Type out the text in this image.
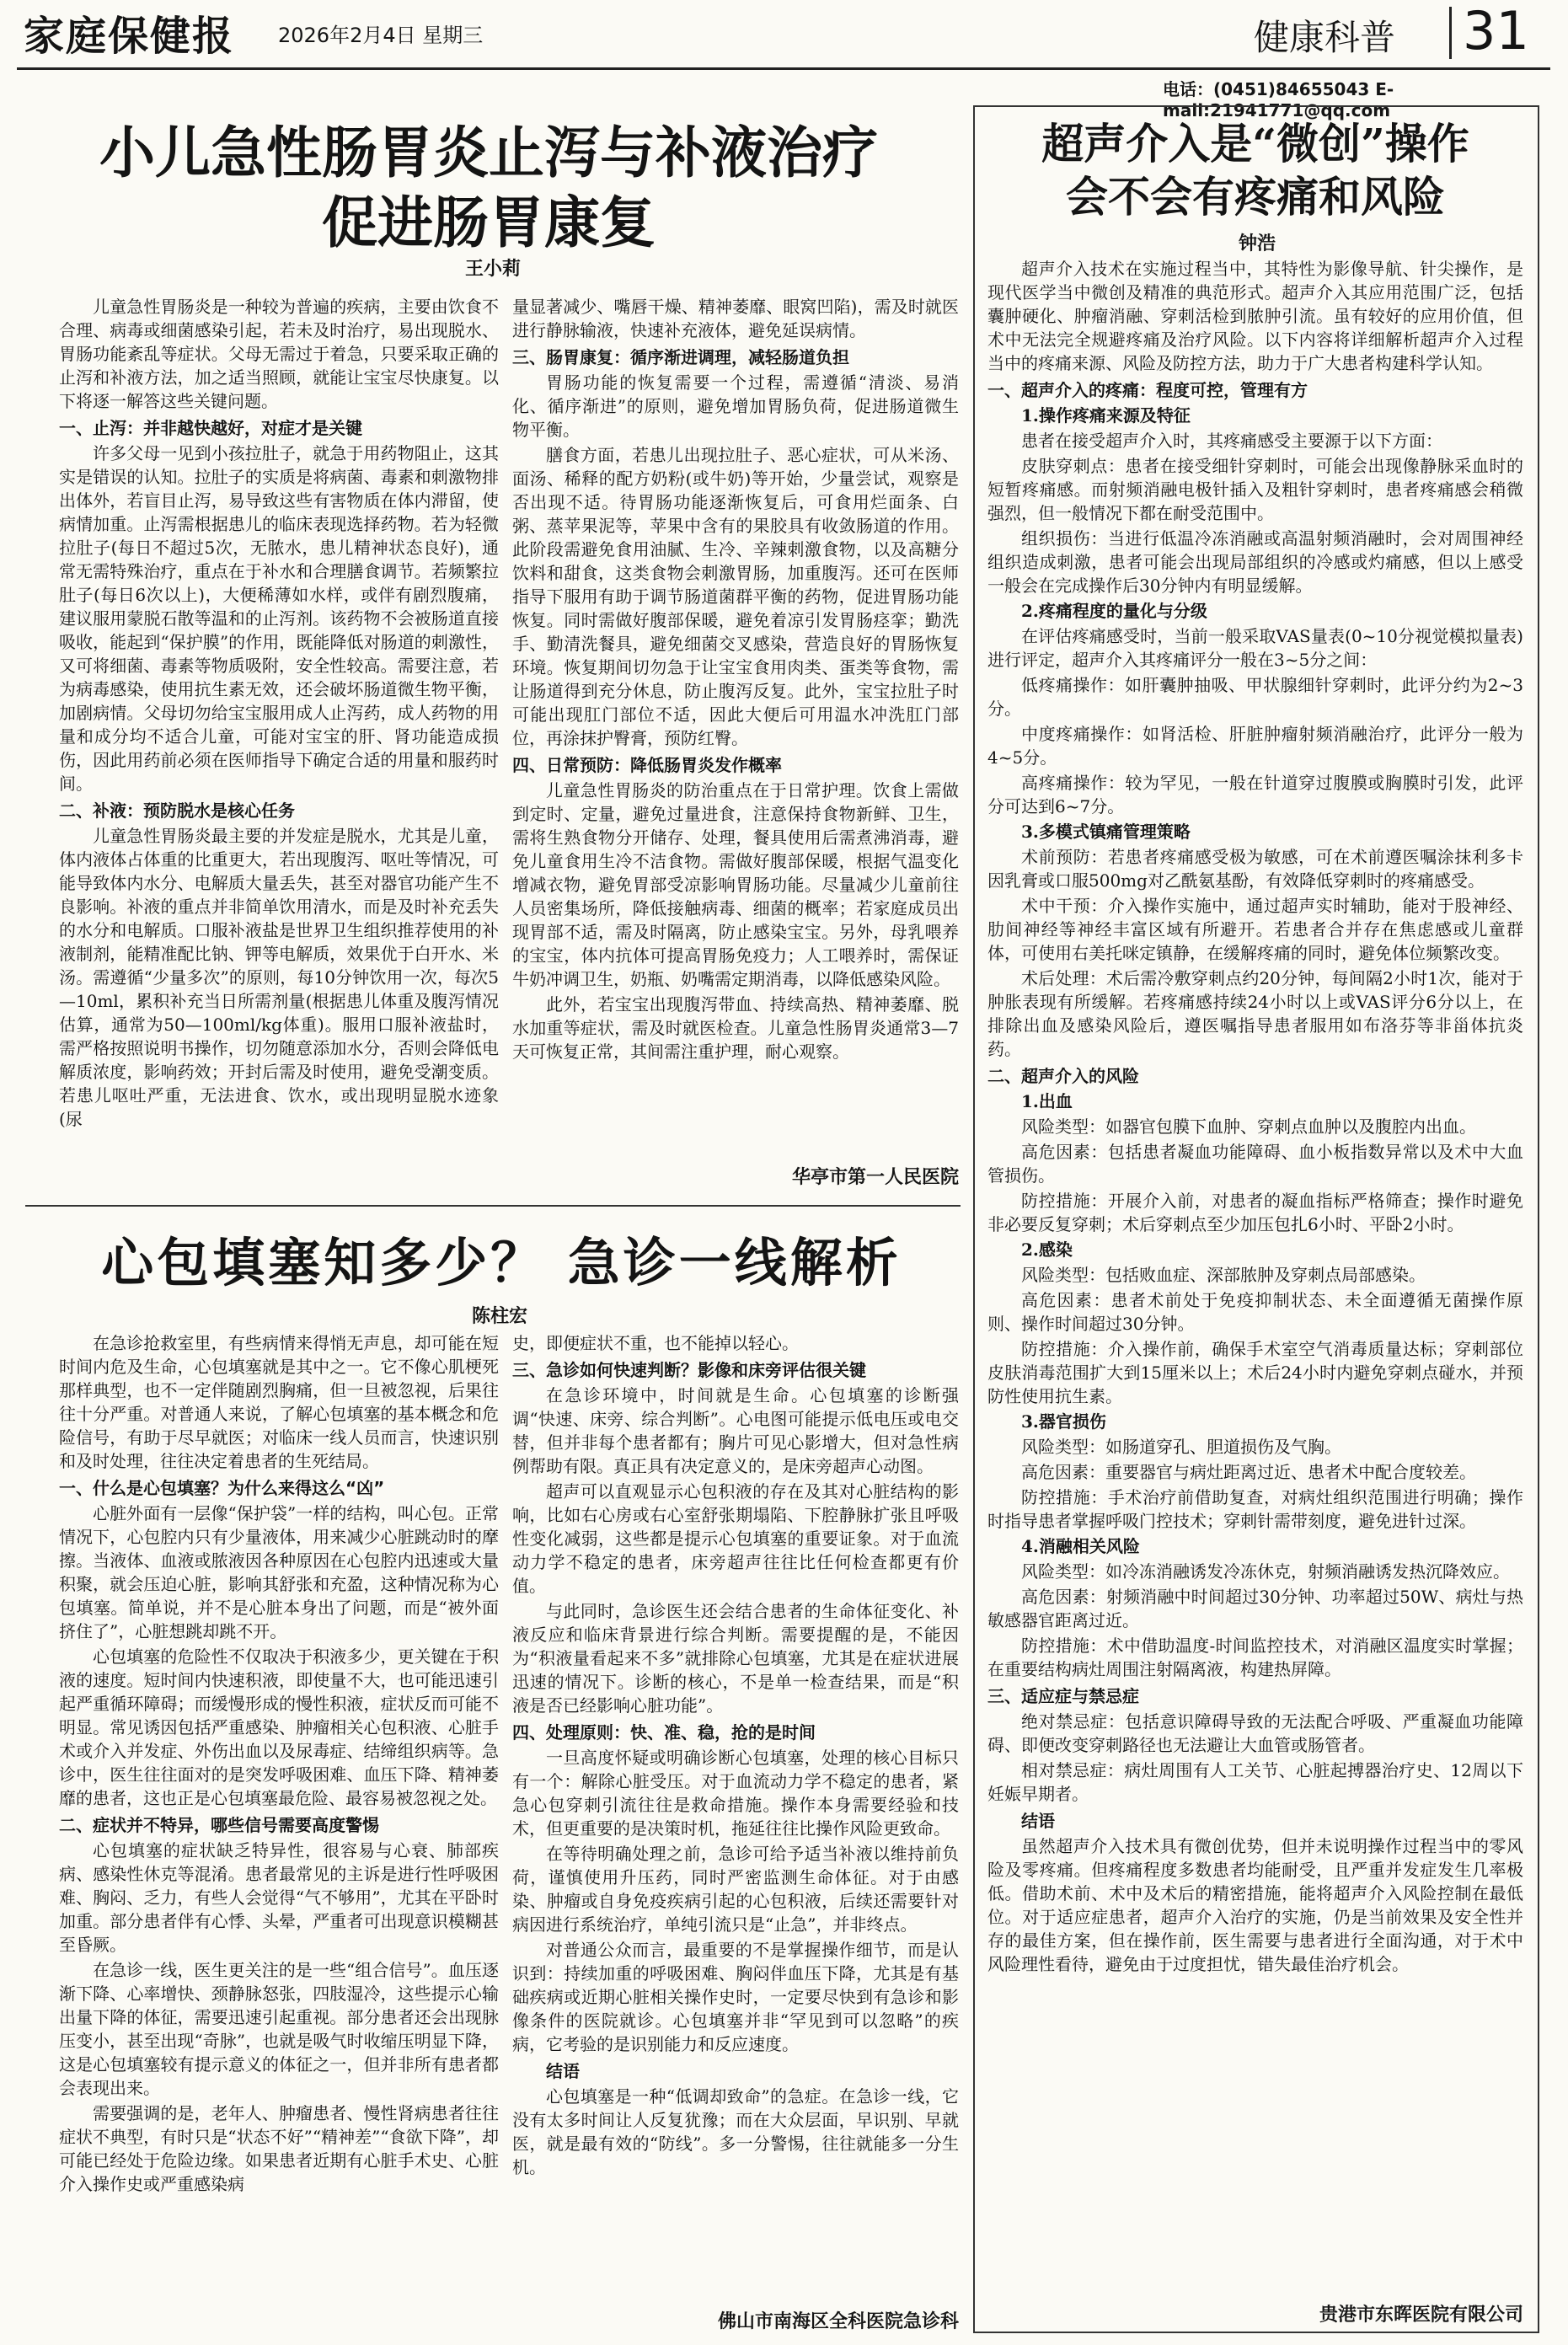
家庭保健报 2026年2月4日 星期三	健康科普 31
电话：(0451)84655043 E-mail:21941771@qq.com
小儿急性肠胃炎止泻与补液治疗
促进肠胃康复
王小莉

儿童急性胃肠炎是一种较为普遍的疾病，主要由饮食不合理、病毒或细菌感染引起，若未及时治疗，易出现脱水、胃肠功能紊乱等症状。父母无需过于着急，只要采取正确的止泻和补液方法，加之适当照顾，就能让宝宝尽快康复。以下将逐一解答这些关键问题。

一、止泻：并非越快越好，对症才是关键

许多父母一见到小孩拉肚子，就急于用药物阻止，这其实是错误的认知。拉肚子的实质是将病菌、毒素和刺激物排出体外，若盲目止泻，易导致这些有害物质在体内滞留，使病情加重。止泻需根据患儿的临床表现选择药物。若为轻微拉肚子(每日不超过5次，无脓水，患儿精神状态良好)，通常无需特殊治疗，重点在于补水和合理膳食调节。若频繁拉肚子(每日6次以上)，大便稀薄如水样，或伴有剧烈腹痛，建议服用蒙脱石散等温和的止泻剂。该药物不会被肠道直接吸收，能起到“保护膜”的作用，既能降低对肠道的刺激性，又可将细菌、毒素等物质吸附，安全性较高。需要注意，若为病毒感染，使用抗生素无效，还会破坏肠道微生物平衡，加剧病情。父母切勿给宝宝服用成人止泻药，成人药物的用量和成分均不适合儿童，可能对宝宝的肝、肾功能造成损伤，因此用药前必须在医师指导下确定合适的用量和服药时间。

二、补液：预防脱水是核心任务

儿童急性胃肠炎最主要的并发症是脱水，尤其是儿童，体内液体占体重的比重更大，若出现腹泻、呕吐等情况，可能导致体内水分、电解质大量丢失，甚至对器官功能产生不良影响。补液的重点并非简单饮用清水，而是及时补充丢失的水分和电解质。口服补液盐是世界卫生组织推荐使用的补液制剂，能精准配比钠、钾等电解质，效果优于白开水、米汤。需遵循“少量多次”的原则，每10分钟饮用一次，每次5—10ml，累积补充当日所需剂量(根据患儿体重及腹泻情况估算，通常为50—100ml/kg体重)。服用口服补液盐时，需严格按照说明书操作，切勿随意添加水分，否则会降低电解质浓度，影响药效；开封后需及时使用，避免受潮变质。若患儿呕吐严重，无法进食、饮水，或出现明显脱水迹象(尿

量显著减少、嘴唇干燥、精神萎靡、眼窝凹陷)，需及时就医进行静脉输液，快速补充液体，避免延误病情。

三、肠胃康复：循序渐进调理，减轻肠道负担

胃肠功能的恢复需要一个过程，需遵循“清淡、易消化、循序渐进”的原则，避免增加胃肠负荷，促进肠道微生物平衡。

膳食方面，若患儿出现拉肚子、恶心症状，可从米汤、面汤、稀释的配方奶粉(或牛奶)等开始，少量尝试，观察是否出现不适。待胃肠功能逐渐恢复后，可食用烂面条、白粥、蒸苹果泥等，苹果中含有的果胶具有收敛肠道的作用。此阶段需避免食用油腻、生冷、辛辣刺激食物，以及高糖分饮料和甜食，这类食物会刺激胃肠，加重腹泻。还可在医师指导下服用有助于调节肠道菌群平衡的药物，促进胃肠功能恢复。同时需做好腹部保暖，避免着凉引发胃肠痉挛；勤洗手、勤清洗餐具，避免细菌交叉感染，营造良好的胃肠恢复环境。恢复期间切勿急于让宝宝食用肉类、蛋类等食物，需让肠道得到充分休息，防止腹泻反复。此外，宝宝拉肚子时可能出现肛门部位不适，因此大便后可用温水冲洗肛门部位，再涂抹护臀膏，预防红臀。

四、日常预防：降低肠胃炎发作概率

儿童急性胃肠炎的防治重点在于日常护理。饮食上需做到定时、定量，避免过量进食，注意保持食物新鲜、卫生，需将生熟食物分开储存、处理，餐具使用后需煮沸消毒，避免儿童食用生冷不洁食物。需做好腹部保暖，根据气温变化增减衣物，避免胃部受凉影响胃肠功能。尽量减少儿童前往人员密集场所，降低接触病毒、细菌的概率；若家庭成员出现胃部不适，需及时隔离，防止感染宝宝。另外，母乳喂养的宝宝，体内抗体可提高胃肠免疫力；人工喂养时，需保证牛奶冲调卫生，奶瓶、奶嘴需定期消毒，以降低感染风险。

此外，若宝宝出现腹泻带血、持续高热、精神萎靡、脱水加重等症状，需及时就医检查。儿童急性肠胃炎通常3—7天可恢复正常，其间需注重护理，耐心观察。

华亭市第一人民医院
心包填塞知多少？ 急诊一线解析
陈柱宏

在急诊抢救室里，有些病情来得悄无声息，却可能在短时间内危及生命，心包填塞就是其中之一。它不像心肌梗死那样典型，也不一定伴随剧烈胸痛，但一旦被忽视，后果往往十分严重。对普通人来说，了解心包填塞的基本概念和危险信号，有助于尽早就医；对临床一线人员而言，快速识别和及时处理，往往决定着患者的生死结局。

一、什么是心包填塞？为什么来得这么“凶”

心脏外面有一层像“保护袋”一样的结构，叫心包。正常情况下，心包腔内只有少量液体，用来减少心脏跳动时的摩擦。当液体、血液或脓液因各种原因在心包腔内迅速或大量积聚，就会压迫心脏，影响其舒张和充盈，这种情况称为心包填塞。简单说，并不是心脏本身出了问题，而是“被外面挤住了”，心脏想跳却跳不开。

心包填塞的危险性不仅取决于积液多少，更关键在于积液的速度。短时间内快速积液，即使量不大，也可能迅速引起严重循环障碍；而缓慢形成的慢性积液，症状反而可能不明显。常见诱因包括严重感染、肿瘤相关心包积液、心脏手术或介入并发症、外伤出血以及尿毒症、结缔组织病等。急诊中，医生往往面对的是突发呼吸困难、血压下降、精神萎靡的患者，这也正是心包填塞最危险、最容易被忽视之处。

二、症状并不特异，哪些信号需要高度警惕

心包填塞的症状缺乏特异性，很容易与心衰、肺部疾病、感染性休克等混淆。患者最常见的主诉是进行性呼吸困难、胸闷、乏力，有些人会觉得“气不够用”，尤其在平卧时加重。部分患者伴有心悸、头晕，严重者可出现意识模糊甚至昏厥。

在急诊一线，医生更关注的是一些“组合信号”。血压逐渐下降、心率增快、颈静脉怒张，四肢湿冷，这些提示心输出量下降的体征，需要迅速引起重视。部分患者还会出现脉压变小，甚至出现“奇脉”，也就是吸气时收缩压明显下降，这是心包填塞较有提示意义的体征之一，但并非所有患者都会表现出来。

需要强调的是，老年人、肿瘤患者、慢性肾病患者往往症状不典型，有时只是“状态不好”“精神差”“食欲下降”，却可能已经处于危险边缘。如果患者近期有心脏手术史、心脏介入操作史或严重感染病

史，即便症状不重，也不能掉以轻心。

三、急诊如何快速判断？影像和床旁评估很关键

在急诊环境中，时间就是生命。心包填塞的诊断强调“快速、床旁、综合判断”。心电图可能提示低电压或电交替，但并非每个患者都有；胸片可见心影增大，但对急性病例帮助有限。真正具有决定意义的，是床旁超声心动图。

超声可以直观显示心包积液的存在及其对心脏结构的影响，比如右心房或右心室舒张期塌陷、下腔静脉扩张且呼吸性变化减弱，这些都是提示心包填塞的重要证象。对于血流动力学不稳定的患者，床旁超声往往比任何检查都更有价值。

与此同时，急诊医生还会结合患者的生命体征变化、补液反应和临床背景进行综合判断。需要提醒的是，不能因为“积液量看起来不多”就排除心包填塞，尤其是在症状进展迅速的情况下。诊断的核心，不是单一检查结果，而是“积液是否已经影响心脏功能”。

四、处理原则：快、准、稳，抢的是时间

一旦高度怀疑或明确诊断心包填塞，处理的核心目标只有一个：解除心脏受压。对于血流动力学不稳定的患者，紧急心包穿刺引流往往是救命措施。操作本身需要经验和技术，但更重要的是决策时机，拖延往往比操作风险更致命。

在等待明确处理之前，急诊可给予适当补液以维持前负荷，谨慎使用升压药，同时严密监测生命体征。对于由感染、肿瘤或自身免疫疾病引起的心包积液，后续还需要针对病因进行系统治疗，单纯引流只是“止急”，并非终点。

对普通公众而言，最重要的不是掌握操作细节，而是认识到：持续加重的呼吸困难、胸闷伴血压下降，尤其是有基础疾病或近期心脏相关操作史时，一定要尽快到有急诊和影像条件的医院就诊。心包填塞并非“罕见到可以忽略”的疾病，它考验的是识别能力和反应速度。

结语

心包填塞是一种“低调却致命”的急症。在急诊一线，它没有太多时间让人反复犹豫；而在大众层面，早识别、早就医，就是最有效的“防线”。多一分警惕，往往就能多一分生机。

佛山市南海区全科医院急诊科
超声介入是“微创”操作
会不会有疼痛和风险
钟浩

超声介入技术在实施过程当中，其特性为影像导航、针尖操作，是现代医学当中微创及精准的典范形式。超声介入其应用范围广泛，包括囊肿硬化、肿瘤消融、穿刺活检到脓肿引流。虽有较好的应用价值，但术中无法完全规避疼痛及治疗风险。以下内容将详细解析超声介入过程当中的疼痛来源、风险及防控方法，助力于广大患者构建科学认知。

一、超声介入的疼痛：程度可控，管理有方
1.操作疼痛来源及特征

患者在接受超声介入时，其疼痛感受主要源于以下方面：

皮肤穿刺点：患者在接受细针穿刺时，可能会出现像静脉采血时的短暂疼痛感。而射频消融电极针插入及粗针穿刺时，患者疼痛感会稍微强烈，但一般情况下都在耐受范围中。

组织损伤：当进行低温冷冻消融或高温射频消融时，会对周围神经组织造成刺激，患者可能会出现局部组织的冷感或灼痛感，但以上感受一般会在完成操作后30分钟内有明显缓解。

2.疼痛程度的量化与分级

在评估疼痛感受时，当前一般采取VAS量表(0~10分视觉模拟量表)进行评定，超声介入其疼痛评分一般在3~5分之间：

低疼痛操作：如肝囊肿抽吸、甲状腺细针穿刺时，此评分约为2~3分。

中度疼痛操作：如肾活检、肝脏肿瘤射频消融治疗，此评分一般为4~5分。

高疼痛操作：较为罕见，一般在针道穿过腹膜或胸膜时引发，此评分可达到6~7分。

3.多模式镇痛管理策略

术前预防：若患者疼痛感受极为敏感，可在术前遵医嘱涂抹利多卡因乳膏或口服500mg对乙酰氨基酚，有效降低穿刺时的疼痛感受。

术中干预：介入操作实施中，通过超声实时辅助，能对于股神经、肋间神经等神经丰富区域有所避开。若患者合并存在焦虑感或儿童群体，可使用右美托咪定镇静，在缓解疼痛的同时，避免体位频繁改变。

术后处理：术后需冷敷穿刺点约20分钟，每间隔2小时1次，能对于肿胀表现有所缓解。若疼痛感持续24小时以上或VAS评分6分以上，在排除出血及感染风险后，遵医嘱指导患者服用如布洛芬等非甾体抗炎药。

二、超声介入的风险
1.出血

风险类型：如器官包膜下血肿、穿刺点血肿以及腹腔内出血。

高危因素：包括患者凝血功能障碍、血小板指数异常以及术中大血管损伤。

防控措施：开展介入前，对患者的凝血指标严格筛查；操作时避免非必要反复穿刺；术后穿刺点至少加压包扎6小时、平卧2小时。

2.感染

风险类型：包括败血症、深部脓肿及穿刺点局部感染。

高危因素：患者术前处于免疫抑制状态、未全面遵循无菌操作原则、操作时间超过30分钟。

防控措施：介入操作前，确保手术室空气消毒质量达标；穿刺部位皮肤消毒范围扩大到15厘米以上；术后24小时内避免穿刺点碰水，并预防性使用抗生素。

3.器官损伤

风险类型：如肠道穿孔、胆道损伤及气胸。

高危因素：重要器官与病灶距离过近、患者术中配合度较差。

防控措施：手术治疗前借助复查，对病灶组织范围进行明确；操作时指导患者掌握呼吸门控技术；穿刺针需带刻度，避免进针过深。

4.消融相关风险

风险类型：如冷冻消融诱发冷冻休克，射频消融诱发热沉降效应。

高危因素：射频消融中时间超过30分钟、功率超过50W、病灶与热敏感器官距离过近。

防控措施：术中借助温度-时间监控技术，对消融区温度实时掌握；在重要结构病灶周围注射隔离液，构建热屏障。

三、适应症与禁忌症

绝对禁忌症：包括意识障碍导致的无法配合呼吸、严重凝血功能障碍、即便改变穿刺路径也无法避让大血管或肠管者。

相对禁忌症：病灶周围有人工关节、心脏起搏器治疗史、12周以下妊娠早期者。

结语

虽然超声介入技术具有微创优势，但并未说明操作过程当中的零风险及零疼痛。但疼痛程度多数患者均能耐受，且严重并发症发生几率极低。借助术前、术中及术后的精密措施，能将超声介入风险控制在最低位。对于适应症患者，超声介入治疗的实施，仍是当前效果及安全性并存的最佳方案，但在操作前，医生需要与患者进行全面沟通，对于术中风险理性看待，避免由于过度担忧，错失最佳治疗机会。

贵港市东晖医院有限公司
